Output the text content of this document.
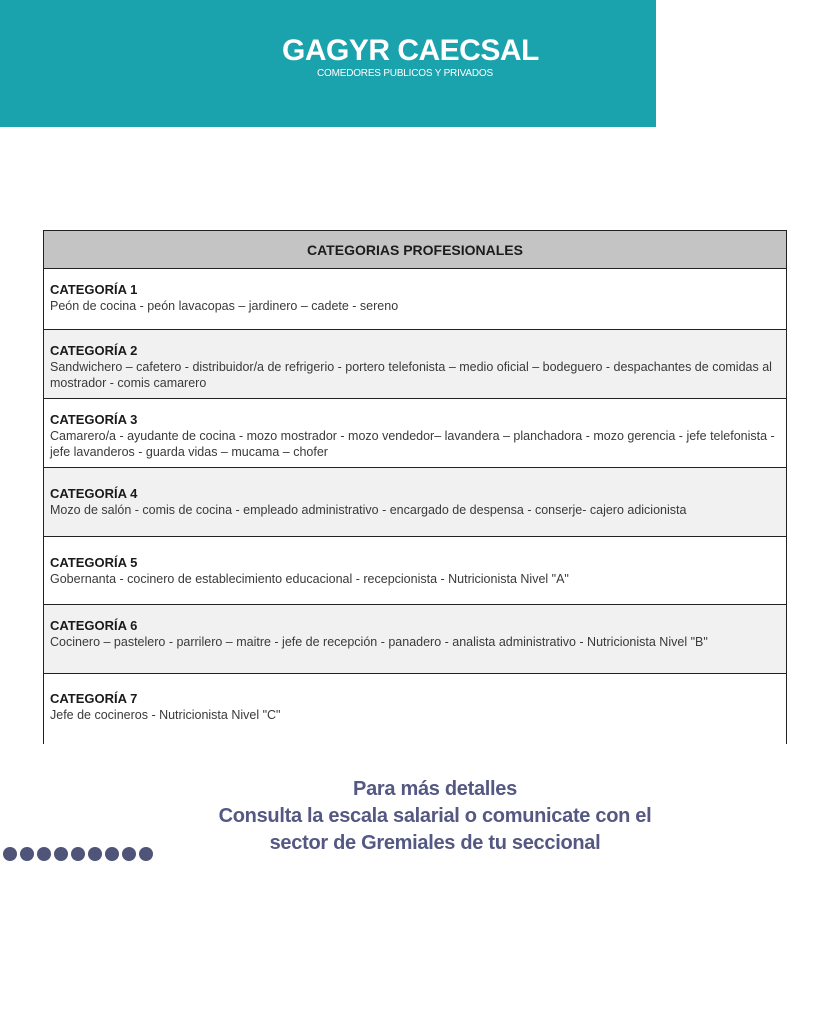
GAGYR CAECSAL
COMEDORES PUBLICOS Y PRIVADOS
CATEGORIAS PROFESIONALES

CATEGORÍA 1
Peón de cocina - peón lavacopas – jardinero – cadete - sereno

CATEGORÍA 2
Sandwichero – cafetero - distribuidor/a de refrigerio - portero telefonista – medio oficial – bodeguero - despachantes de comidas al mostrador - comis camarero

CATEGORÍA 3
Camarero/a - ayudante de cocina - mozo mostrador - mozo vendedor– lavandera – planchadora - mozo gerencia - jefe telefonista - jefe lavanderos - guarda vidas – mucama – chofer

CATEGORÍA 4
Mozo de salón - comis de cocina - empleado administrativo - encargado de despensa - conserje- cajero adicionista

CATEGORÍA 5
Gobernanta - cocinero de establecimiento educacional - recepcionista - Nutricionista Nivel "A"

CATEGORÍA 6
Cocinero – pastelero - parrilero – maitre - jefe de recepción - panadero - analista administrativo - Nutricionista Nivel "B"

CATEGORÍA 7
Jefe de cocineros - Nutricionista Nivel "C"
Para más detalles
Consulta la escala salarial o comunicate con el
sector de Gremiales de tu seccional
